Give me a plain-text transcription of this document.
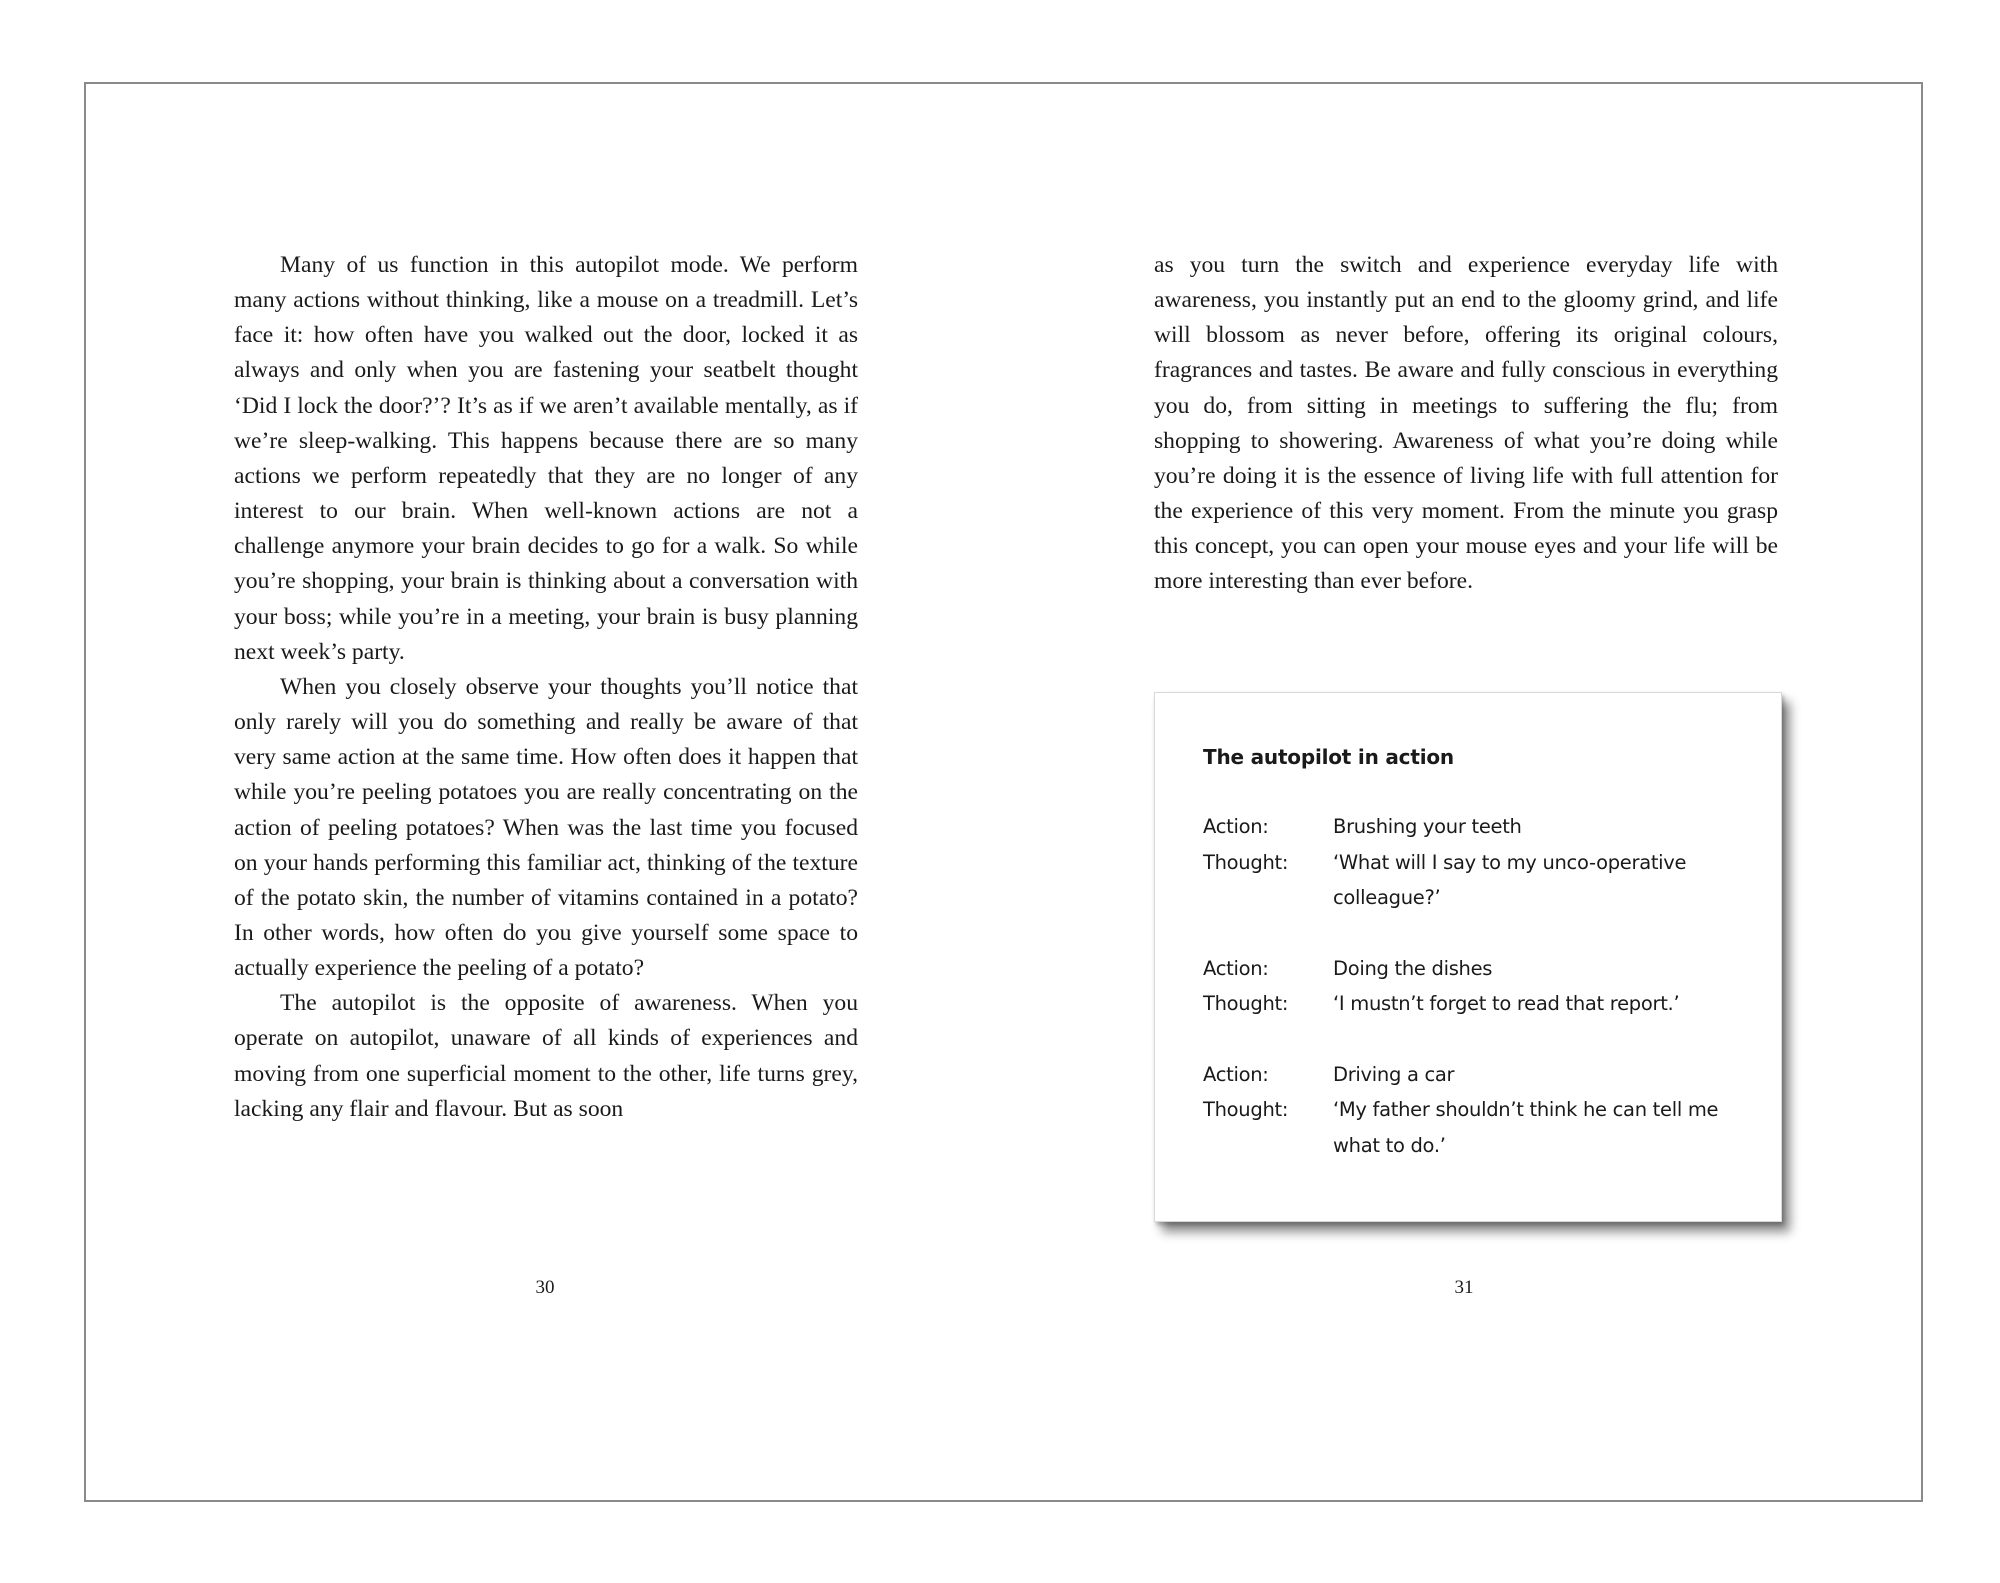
Many of us function in this autopilot mode. We perform many actions without thinking, like a mouse on a treadmill. Let’s face it: how often have you walked out the door, locked it as always and only when you are fastening your seatbelt thought ‘Did I lock the door?’? It’s as if we aren’t available mentally, as if we’re sleep-walking. This happens because there are so many actions we perform repeatedly that they are no longer of any interest to our brain. When well-known actions are not a challenge anymore your brain decides to go for a walk. So while you’re shopping, your brain is thinking about a conversation with your boss; while you’re in a meeting, your brain is busy planning next week’s party.

When you closely observe your thoughts you’ll notice that only rarely will you do something and really be aware of that very same action at the same time. How often does it happen that while you’re peeling potatoes you are really concentrating on the action of peeling potatoes? When was the last time you focused on your hands performing this familiar act, thinking of the texture of the potato skin, the number of vitamins contained in a potato? In other words, how often do you give yourself some space to actually experience the peeling of a potato?

The autopilot is the opposite of awareness. When you operate on autopilot, unaware of all kinds of experiences and moving from one superficial moment to the other, life turns grey, lacking any flair and flavour. But as soon

30

as you turn the switch and experience everyday life with awareness, you instantly put an end to the gloomy grind, and life will blossom as never before, offering its original colours, fragrances and tastes. Be aware and fully conscious in everything you do, from sitting in meetings to suffering the flu; from shopping to showering. Awareness of what you’re doing while you’re doing it is the essence of living life with full attention for the experience of this very moment. From the minute you grasp this concept, you can open your mouse eyes and your life will be more interesting than ever before.

The autopilot in action
Action:	Brushing your teeth
Thought:	‘What will I say to my unco-operative colleague?’
Action:	Doing the dishes
Thought:	‘I mustn’t forget to read that report.’
Action:	Driving a car
Thought:	‘My father shouldn’t think he can tell me what to do.’
31
